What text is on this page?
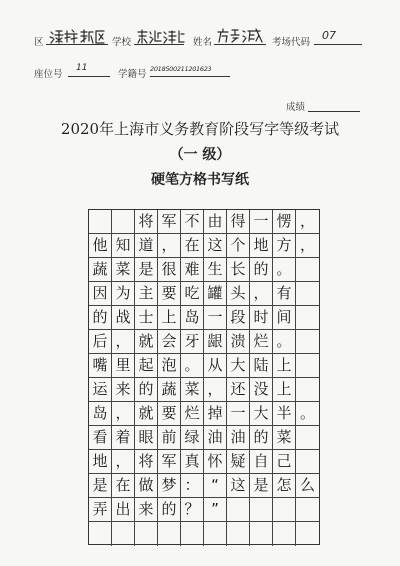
区	学校	姓名	考场代码
07
座位号
11
学籍号 2018500211201623
成绩
2020年上海市义务教育阶段写字等级考试
（一 级）
硬笔方格书写纸
将 军 不 由 得 一 愣 ，
他 知 道 ， 在 这 个 地 方 ，
蔬 菜 是 很 难 生 长 的 。
因 为 主 要 吃 罐 头 ， 有
的 战 士 上 岛 一 段 时 间
后 ， 就 会 牙 龈 溃 烂 。
嘴 里 起 泡 。 从 大 陆 上
运 来 的 蔬 菜 ， 还 没 上
岛 ， 就 要 烂 掉 一 大 半 。
看 着 眼 前 绿 油 油 的 菜
地 ， 将 军 真 怀 疑 自 己
是 在 做 梦 ： “ 这 是 怎 么
弄 出 来 的 ？ ”
